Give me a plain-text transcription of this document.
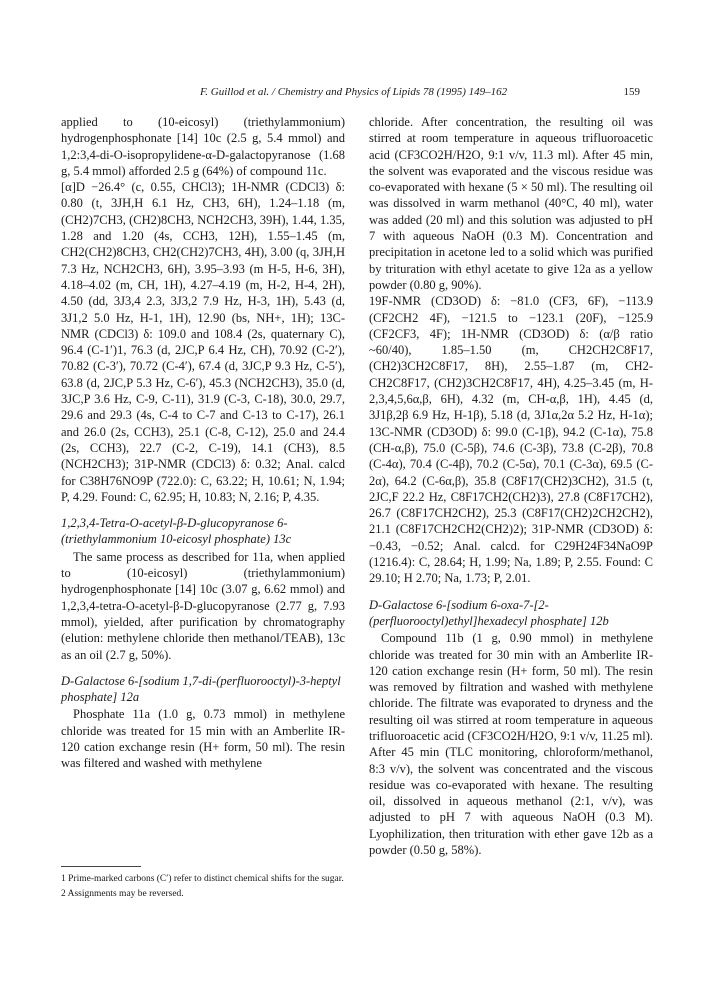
F. Guillod et al. / Chemistry and Physics of Lipids 78 (1995) 149–162	159

applied to (10-eicosyl) (triethylammonium) hydrogenphosphonate [14] 10c (2.5 g, 5.4 mmol) and 1,2:3,4-di-O-isopropylidene-α-D-galactopyranose (1.68 g, 5.4 mmol) afforded 2.5 g (64%) of compound 11c.

[α]D −26.4° (c, 0.55, CHCl3); 1H-NMR (CDCl3) δ: 0.80 (t, 3JH,H 6.1 Hz, CH3, 6H), 1.24–1.18 (m, (CH2)7CH3, (CH2)8CH3, NCH2CH3, 39H), 1.44, 1.35, 1.28 and 1.20 (4s, CCH3, 12H), 1.55–1.45 (m, CH2(CH2)8CH3, CH2(CH2)7CH3, 4H), 3.00 (q, 3JH,H 7.3 Hz, NCH2CH3, 6H), 3.95–3.93 (m H-5, H-6, 3H), 4.18–4.02 (m, CH, 1H), 4.27–4.19 (m, H-2, H-4, 2H), 4.50 (dd, 3J3,4 2.3, 3J3,2 7.9 Hz, H-3, 1H), 5.43 (d, 3J1,2 5.0 Hz, H-1, 1H), 12.90 (bs, NH+, 1H); 13C-NMR (CDCl3) δ: 109.0 and 108.4 (2s, quaternary C), 96.4 (C-1′)1, 76.3 (d, 2JC,P 6.4 Hz, CH), 70.92 (C-2′), 70.82 (C-3′), 70.72 (C-4′), 67.4 (d, 3JC,P 9.3 Hz, C-5′), 63.8 (d, 2JC,P 5.3 Hz, C-6′), 45.3 (NCH2CH3), 35.0 (d, 3JC,P 3.6 Hz, C-9, C-11), 31.9 (C-3, C-18), 30.0, 29.7, 29.6 and 29.3 (4s, C-4 to C-7 and C-13 to C-17), 26.1 and 26.0 (2s, CCH3), 25.1 (C-8, C-12), 25.0 and 24.4 (2s, CCH3), 22.7 (C-2, C-19), 14.1 (CH3), 8.5 (NCH2CH3); 31P-NMR (CDCl3) δ: 0.32; Anal. calcd for C38H76NO9P (722.0): C, 63.22; H, 10.61; N, 1.94; P, 4.29. Found: C, 62.95; H, 10.83; N, 2.16; P, 4.35.

1,2,3,4-Tetra-O-acetyl-β-D-glucopyranose 6-(triethylammonium 10-eicosyl phosphate) 13c

The same process as described for 11a, when applied to (10-eicosyl) (triethylammonium) hydrogenphosphonate [14] 10c (3.07 g, 6.62 mmol) and 1,2,3,4-tetra-O-acetyl-β-D-glucopyranose (2.77 g, 7.93 mmol), yielded, after purification by chromatography (elution: methylene chloride then methanol/TEAB), 13c as an oil (2.7 g, 50%).

D-Galactose 6-[sodium 1,7-di-(perfluorooctyl)-3-heptyl phosphate] 12a

Phosphate 11a (1.0 g, 0.73 mmol) in methylene chloride was treated for 15 min with an Amberlite IR-120 cation exchange resin (H+ form, 50 ml). The resin was filtered and washed with methylene

1 Prime-marked carbons (C′) refer to distinct chemical shifts for the sugar.

2 Assignments may be reversed.

chloride. After concentration, the resulting oil was stirred at room temperature in aqueous trifluoroacetic acid (CF3CO2H/H2O, 9:1 v/v, 11.3 ml). After 45 min, the solvent was evaporated and the viscous residue was co-evaporated with hexane (5 × 50 ml). The resulting oil was dissolved in warm methanol (40°C, 40 ml), water was added (20 ml) and this solution was adjusted to pH 7 with aqueous NaOH (0.3 M). Concentration and precipitation in acetone led to a solid which was purified by trituration with ethyl acetate to give 12a as a yellow powder (0.80 g, 90%).

19F-NMR (CD3OD) δ: −81.0 (CF3, 6F), −113.9 (CF2CH2 4F), −121.5 to −123.1 (20F), −125.9 (CF2CF3, 4F); 1H-NMR (CD3OD) δ: (α/β ratio ~60/40), 1.85–1.50 (m, CH2CH2C8F17, (CH2)3CH2C8F17, 8H), 2.55–1.87 (m, CH2-CH2C8F17, (CH2)3CH2C8F17, 4H), 4.25–3.45 (m, H-2,3,4,5,6α,β, 6H), 4.32 (m, CH-α,β, 1H), 4.45 (d, 3J1β,2β 6.9 Hz, H-1β), 5.18 (d, 3J1α,2α 5.2 Hz, H-1α); 13C-NMR (CD3OD) δ: 99.0 (C-1β), 94.2 (C-1α), 75.8 (CH-α,β), 75.0 (C-5β), 74.6 (C-3β), 73.8 (C-2β), 70.8 (C-4α), 70.4 (C-4β), 70.2 (C-5α), 70.1 (C-3α), 69.5 (C-2α), 64.2 (C-6α,β), 35.8 (C8F17(CH2)3CH2), 31.5 (t, 2JC,F 22.2 Hz, C8F17CH2(CH2)3), 27.8 (C8F17CH2), 26.7 (C8F17CH2CH2), 25.3 (C8F17(CH2)2CH2CH2), 21.1 (C8F17CH2CH2(CH2)2); 31P-NMR (CD3OD) δ: −0.43, −0.52; Anal. calcd. for C29H24F34NaO9P (1216.4): C, 28.64; H, 1.99; Na, 1.89; P, 2.55. Found: C 29.10; H 2.70; Na, 1.73; P, 2.01.

D-Galactose 6-[sodium 6-oxa-7-[2-(perfluorooctyl)ethyl]hexadecyl phosphate] 12b

Compound 11b (1 g, 0.90 mmol) in methylene chloride was treated for 30 min with an Amberlite IR-120 cation exchange resin (H+ form, 50 ml). The resin was removed by filtration and washed with methylene chloride. The filtrate was evaporated to dryness and the resulting oil was stirred at room temperature in aqueous trifluoroacetic acid (CF3CO2H/H2O, 9:1 v/v, 11.25 ml). After 45 min (TLC monitoring, chloroform/methanol, 8:3 v/v), the solvent was concentrated and the viscous residue was co-evaporated with hexane. The resulting oil, dissolved in aqueous methanol (2:1, v/v), was adjusted to pH 7 with aqueous NaOH (0.3 M). Lyophilization, then trituration with ether gave 12b as a powder (0.50 g, 58%).
